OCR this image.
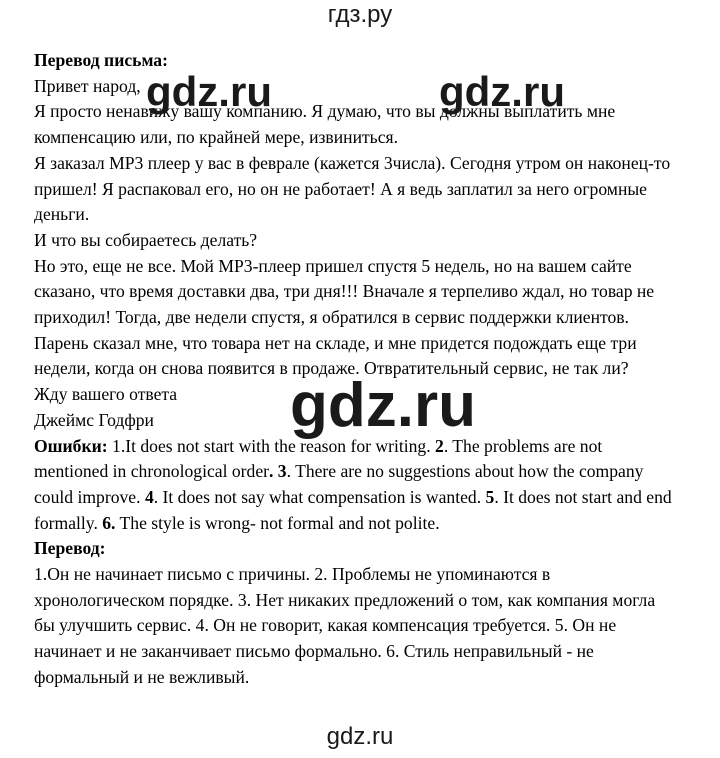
гдз.ру

Перевод письма:

Привет народ,

Я просто ненавижу вашу компанию. Я думаю, что вы должны выплатить мне компенсацию или, по крайней мере, извиниться.

Я заказал MP3 плеер у вас в феврале (кажется 3числа). Сегодня утром он наконец-то пришел! Я распаковал его, но он не работает! А я ведь заплатил за него огромные деньги.

И что вы собираетесь делать?

Но это, еще не все. Мой MP3-плеер пришел спустя 5 недель, но на вашем сайте сказано, что время доставки два, три дня!!! Вначале я терпеливо ждал, но товар не приходил! Тогда, две недели спустя, я обратился в сервис поддержки клиентов. Парень сказал мне, что товара нет на складе, и мне придется подождать еще три недели, когда он снова появится в продаже. Отвратительный сервис, не так ли?

Жду вашего ответа

Джеймс Годфри

Ошибки: 1.It does not start with the reason for writing. 2. The problems are not mentioned in chronological order. 3. There are no suggestions about how the company could improve. 4. It does not say what compensation is wanted. 5. It does not start and end formally. 6. The style is wrong- not formal and not polite.

Перевод:

1.Он не начинает письмо с причины. 2. Проблемы не упоминаются в хронологическом порядке. 3. Нет никаких предложений о том, как компания могла бы улучшить сервис. 4. Он не говорит, какая компенсация требуется. 5. Он не начинает и не заканчивает письмо формально. 6. Стиль неправильный - не формальный и не вежливый.

gdz.ru	gdz.ru
gdz.ru
gdz.ru
